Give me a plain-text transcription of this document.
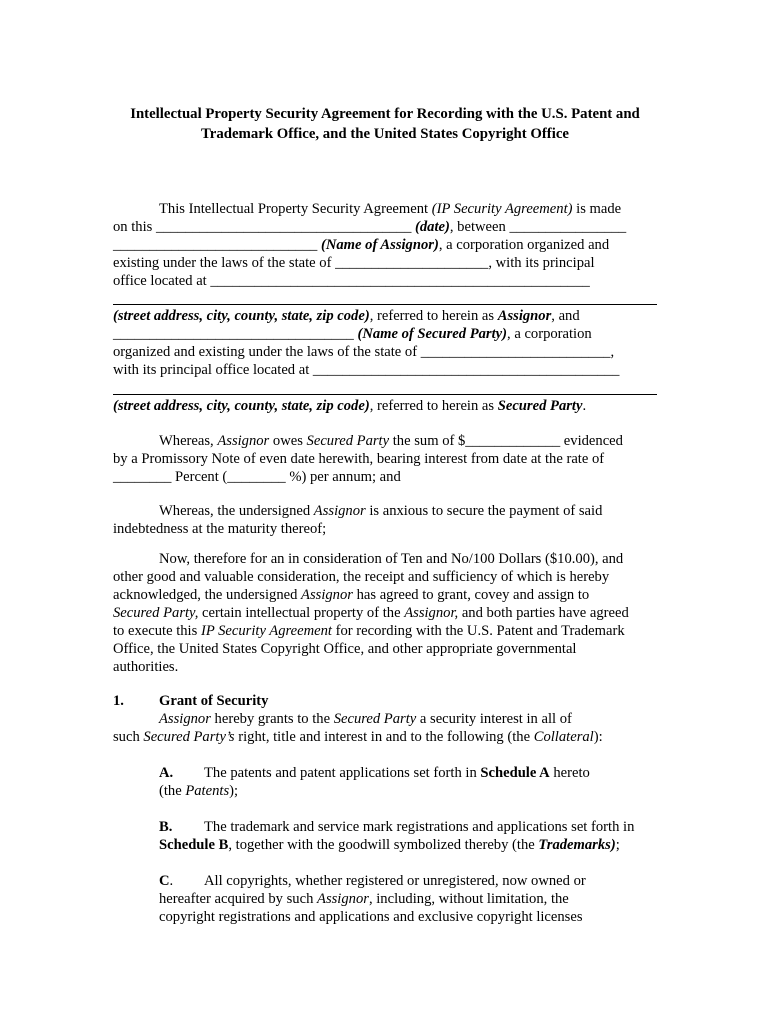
Intellectual Property Security Agreement for Recording with the U.S. Patent and
Trademark Office, and the United States Copyright Office
This Intellectual Property Security Agreement (IP Security Agreement) is made
on this ___________________________________ (date), between ________________
____________________________ (Name of Assignor), a corporation organized and
existing under the laws of the state of _____________________, with its principal
office located at ____________________________________________________
(street address, city, county, state, zip code), referred to herein as Assignor, and
_________________________________ (Name of Secured Party), a corporation
organized and existing under the laws of the state of __________________________,
with its principal office located at __________________________________________
(street address, city, county, state, zip code), referred to herein as Secured Party.
Whereas, Assignor owes Secured Party the sum of $_____________ evidenced
by a Promissory Note of even date herewith, bearing interest from date at the rate of
________ Percent (________ %) per annum; and
Whereas, the undersigned Assignor is anxious to secure the payment of said
indebtedness at the maturity thereof;
Now, therefore for an in consideration of Ten and No/100 Dollars ($10.00), and
other good and valuable consideration, the receipt and sufficiency of which is hereby
acknowledged, the undersigned Assignor has agreed to grant, covey and assign to
Secured Party, certain intellectual property of the Assignor, and both parties have agreed
to execute this IP Security Agreement for recording with the U.S. Patent and Trademark
Office, the United States Copyright Office, and other appropriate governmental
authorities.
1. Grant of Security
Assignor hereby grants to the Secured Party a security interest in all of
such Secured Party’s right, title and interest in and to the following (the Collateral):
A. The patents and patent applications set forth in Schedule A hereto
(the Patents);
B. The trademark and service mark registrations and applications set forth in
Schedule B, together with the goodwill symbolized thereby (the Trademarks);
C. All copyrights, whether registered or unregistered, now owned or
hereafter acquired by such Assignor, including, without limitation, the
copyright registrations and applications and exclusive copyright licenses
